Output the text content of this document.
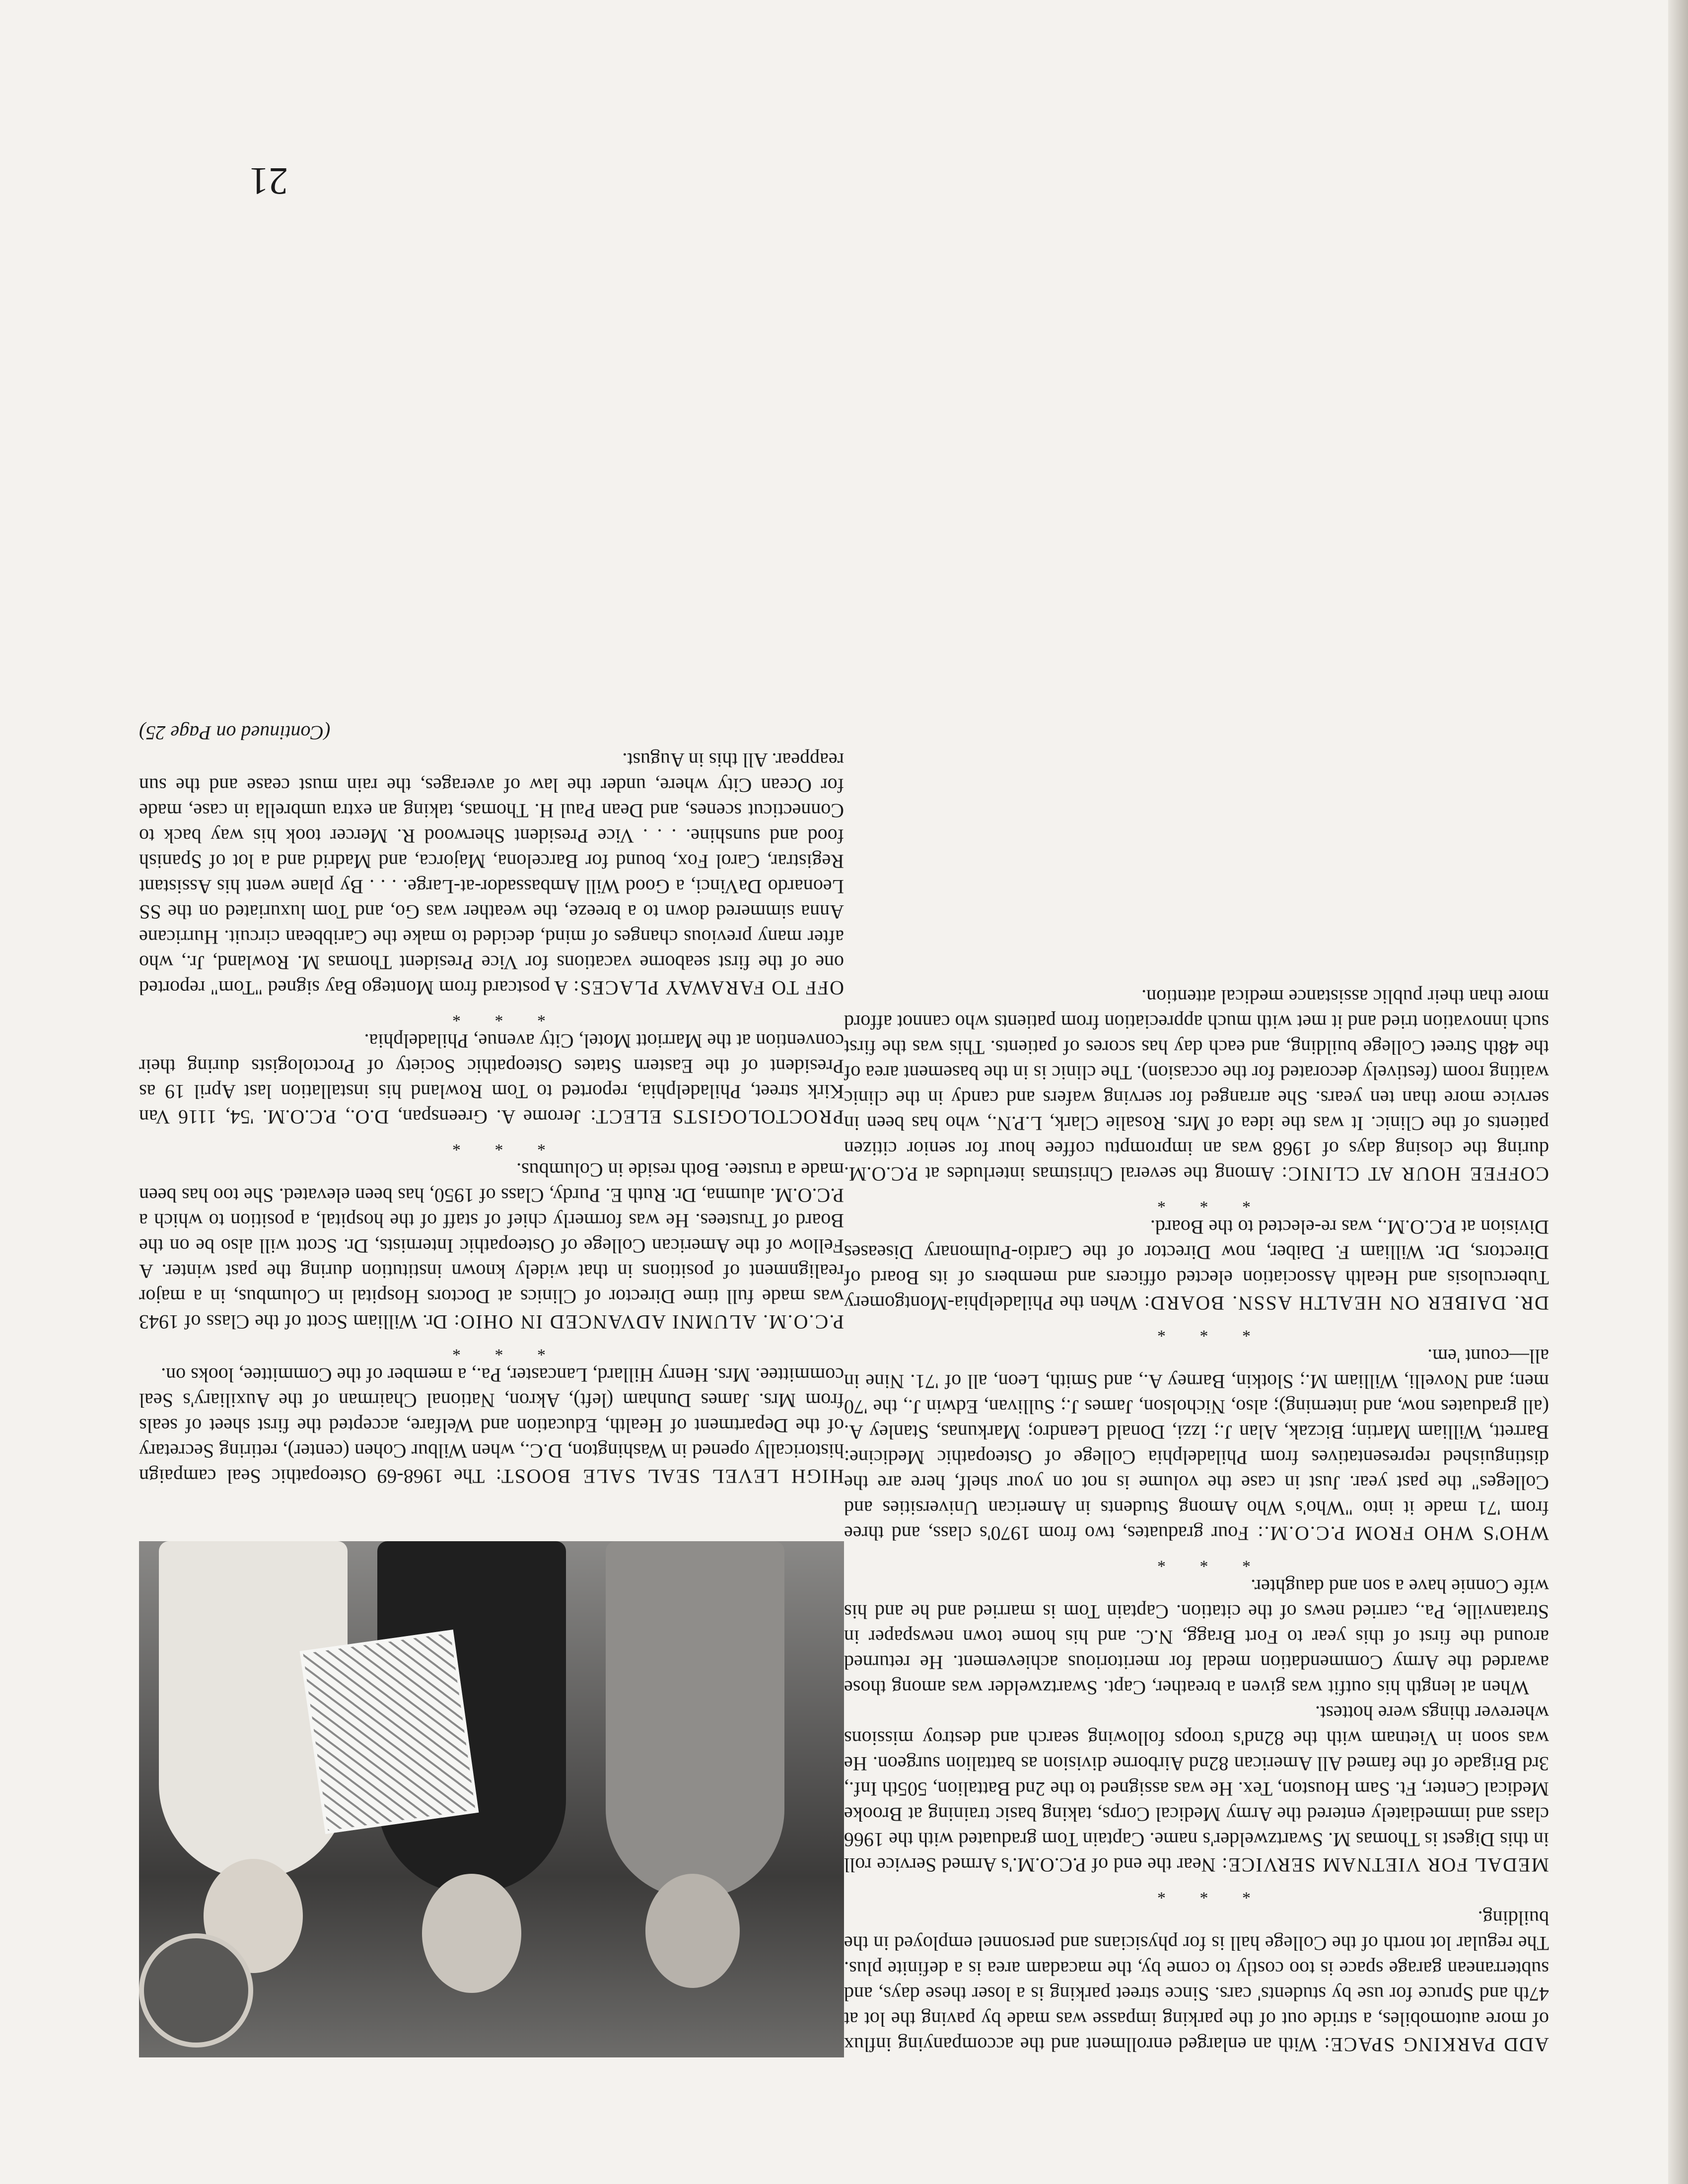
ADD PARKING SPACE: With an enlarged enrollment and the accompanying influx of more automobiles, a stride out of the parking impasse was made by paving the lot at 47th and Spruce for use by students' cars. Since street parking is a loser these days, and subterranean garage space is too costly to come by, the macadam area is a definite plus. The regular lot north of the College hall is for physicians and personnel employed in the building.

* * *

MEDAL FOR VIETNAM SERVICE: Near the end of P.C.O.M.'s Armed Service roll in this Digest is Thomas M. Swartzwelder's name. Captain Tom graduated with the 1966 class and immediately entered the Army Medical Corps, taking basic training at Brooke Medical Center, Ft. Sam Houston, Tex. He was assigned to the 2nd Battalion, 505th Inf., 3rd Brigade of the famed All American 82nd Airborne division as battalion surgeon. He was soon in Vietnam with the 82nd's troops following search and destroy missions wherever things were hottest.
When at length his outfit was given a breather, Capt. Swartzwelder was among those awarded the Army Commendation medal for meritorious achievement. He returned around the first of this year to Fort Bragg, N.C. and his home town newspaper in Stratanville, Pa., carried news of the citation. Captain Tom is married and he and his wife Connie have a son and daughter.

* * *

WHO'S WHO FROM P.C.O.M.: Four graduates, two from 1970's class, and three from '71 made it into "Who's Who Among Students in American Universities and Colleges" the past year. Just in case the volume is not on your shelf, here are the distinguished representatives from Philadelphia College of Osteopathic Medicine: Barrett, William Martin; Biczak, Alan J.; Izzi, Donald Leandro; Markunas, Stanley A. (all graduates now, and interning); also, Nicholson, James J.; Sullivan, Edwin J., the '70 men; and Novelli, William M.; Slotkin, Barney A., and Smith, Leon, all of '71. Nine in all—count 'em.

* * *

DR. DAIBER ON HEALTH ASSN. BOARD: When the Philadelphia-Montgomery Tuberculosis and Health Association elected officers and members of its Board of Directors, Dr. William F. Daiber, now Director of the Cardio-Pulmonary Diseases Division at P.C.O.M., was re-elected to the Board.

* * *

COFFEE HOUR AT CLINIC: Among the several Christmas interludes at P.C.O.M. during the closing days of 1968 was an impromptu coffee hour for senior citizen patients of the Clinic. It was the idea of Mrs. Rosalie Clark, L.P.N., who has been in service more than ten years. She arranged for serving wafers and candy in the clinic waiting room (festively decorated for the occasion). The clinic is in the basement area of the 48th Street College building, and each day has scores of patients. This was the first such innovation tried and it met with much appreciation from patients who cannot afford more than their public assistance medical attention.

HIGH LEVEL SEAL SALE BOOST: The 1968-69 Osteopathic Seal campaign historically opened in Washington, D.C., when Wilbur Cohen (center), retiring Secretary of the Department of Health, Education and Welfare, accepted the first sheet of seals from Mrs. James Dunham (left), Akron, National Chairman of the Auxiliary's Seal committee. Mrs. Henry Hillard, Lancaster, Pa., a member of the Committee, looks on.

* * *

P.C.O.M. ALUMNI ADVANCED IN OHIO: Dr. William Scott of the Class of 1943 was made full time Director of Clinics at Doctors Hospital in Columbus, in a major realignment of positions in that widely known institution during the past winter. A Fellow of the American College of Osteopathic Internists, Dr. Scott will also be on the Board of Trustees. He was formerly chief of staff of the hospital, a position to which a P.C.O.M. alumna, Dr. Ruth E. Purdy, Class of 1950, has been elevated. She too has been made a trustee. Both reside in Columbus.

* * *

PROCTOLOGISTS ELECT: Jerome A. Greenspan, D.O., P.C.O.M. '54, 1116 Van Kirk street, Philadelphia, reported to Tom Rowland his installation last April 19 as President of the Eastern States Osteopathic Society of Proctologists during their convention at the Marriott Motel, City avenue, Philadelphia.

* * *

OFF TO FARAWAY PLACES: A postcard from Montego Bay signed "Tom" reported one of the first seaborne vacations for Vice President Thomas M. Rowland, Jr., who after many previous changes of mind, decided to make the Caribbean circuit. Hurricane Anna simmered down to a breeze, the weather was Go, and Tom luxuriated on the SS Leonardo DaVinci, a Good Will Ambassador-at-Large. . . . By plane went his Assistant Registrar, Carol Fox, bound for Barcelona, Majorca, and Madrid and a lot of Spanish food and sunshine. . . . Vice President Sherwood R. Mercer took his way back to Connecticut scenes, and Dean Paul H. Thomas, taking an extra umbrella in case, made for Ocean City where, under the law of averages, the rain must cease and the sun reappear. All this in August.

(Continued on Page 25)
21
